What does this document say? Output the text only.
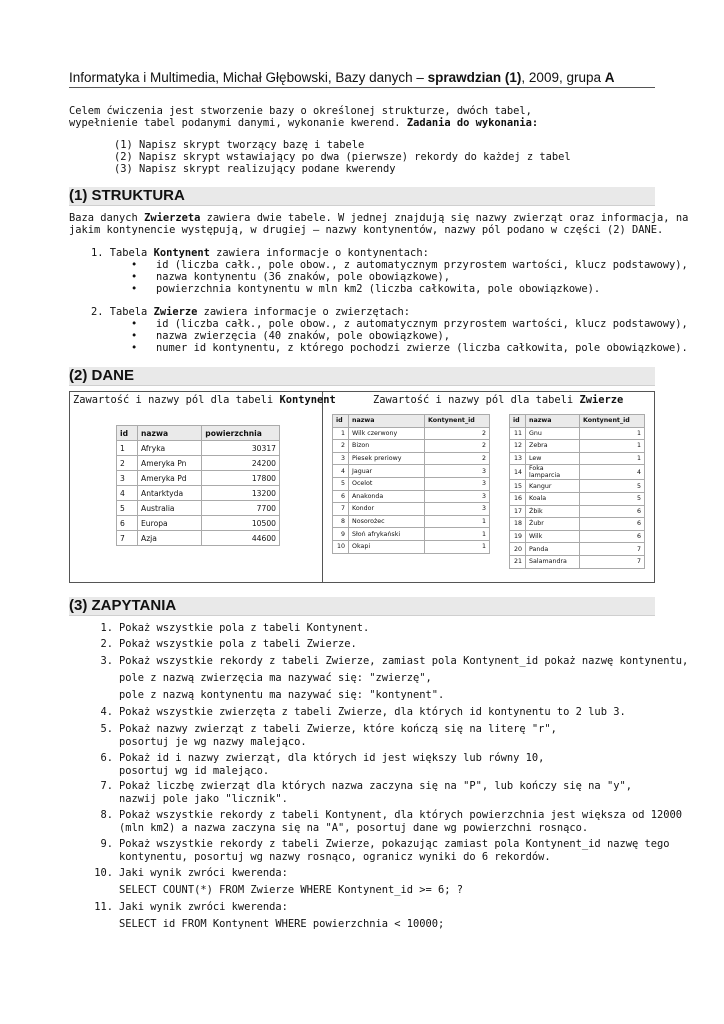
Informatyka i Multimedia, Michał Głębowski, Bazy danych – sprawdzian (1), 2009, grupa A
Celem ćwiczenia jest stworzenie bazy o określonej strukturze, dwóch tabel,
wypełnienie tabel podanymi danymi, wykonanie kwerend. Zadania do wykonania:
(1) Napisz skrypt tworzący bazę i tabele
(2) Napisz skrypt wstawiający po dwa (pierwsze) rekordy do każdej z tabel
(3) Napisz skrypt realizujący podane kwerendy
(1) STRUKTURA
Baza danych Zwierzeta zawiera dwie tabele. W jednej znajdują się nazwy zwierząt oraz informacja, na
jakim kontynencie występują, w drugiej – nazwy kontynentów, nazwy pól podano w części (2) DANE.
1. Tabela Kontynent zawiera informacje o kontynentach:
•   id (liczba całk., pole obow., z automatycznym przyrostem wartości, klucz podstawowy),
•   nazwa kontynentu (36 znaków, pole obowiązkowe),
•   powierzchnia kontynentu w mln km2 (liczba całkowita, pole obowiązkowe).
2. Tabela Zwierze zawiera informacje o zwierzętach:
•   id (liczba całk., pole obow., z automatycznym przyrostem wartości, klucz podstawowy),
•   nazwa zwierzęcia (40 znaków, pole obowiązkowe),
•   numer id kontynentu, z którego pochodzi zwierze (liczba całkowita, pole obowiązkowe).
(2) DANE
Zawartość i nazwy pól dla tabeli Kontynent	Zawartość i nazwy pól dla tabeli Zwierze
id	nazwa	powierzchnia
1	Afryka	30317
2	Ameryka Pn	24200
3	Ameryka Pd	17800
4	Antarktyda	13200
5	Australia	7700
6	Europa	10500
7	Azja	44600
id	nazwa	Kontynent_id
1	Wilk czerwony	2
2	Bizon	2
3	Piesek preriowy	2
4	Jaguar	3
5	Ocelot	3
6	Anakonda	3
7	Kondor	3
8	Nosorożec	1
9	Słoń afrykański	1
10	Okapi	1
id	nazwa	Kontynent_id
11	Gnu	1
12	Zebra	1
13	Lew	1
14	Foka lamparcia	4
15	Kangur	5
16	Koala	5
17	Żbik	6
18	Żubr	6
19	Wilk	6
20	Panda	7
21	Salamandra	7
(3) ZAPYTANIA
1. Pokaż wszystkie pola z tabeli Kontynent.
2. Pokaż wszystkie pola z tabeli Zwierze.
3. Pokaż wszystkie rekordy z tabeli Zwierze, zamiast pola Kontynent_id pokaż nazwę kontynentu,
pole z nazwą zwierzęcia ma nazywać się: "zwierzę",
pole z nazwą kontynentu ma nazywać się: "kontynent".
4. Pokaż wszystkie zwierzęta z tabeli Zwierze, dla których id kontynentu to 2 lub 3.
5. Pokaż nazwy zwierząt z tabeli Zwierze, które kończą się na literę "r",
posortuj je wg nazwy malejąco.
6. Pokaż id i nazwy zwierząt, dla których id jest większy lub równy 10,
posortuj wg id malejąco.
7. Pokaż liczbę zwierząt dla których nazwa zaczyna się na "P", lub kończy się na "y",
nazwij pole jako "licznik".
8. Pokaż wszystkie rekordy z tabeli Kontynent, dla których powierzchnia jest większa od 12000
(mln km2) a nazwa zaczyna się na "A", posortuj dane wg powierzchni rosnąco.
9. Pokaż wszystkie rekordy z tabeli Zwierze, pokazując zamiast pola Kontynent_id nazwę tego
kontynentu, posortuj wg nazwy rosnąco, ogranicz wyniki do 6 rekordów.
10. Jaki wynik zwróci kwerenda:
SELECT COUNT(*) FROM Zwierze WHERE Kontynent_id >= 6; ?
11. Jaki wynik zwróci kwerenda:
SELECT id FROM Kontynent WHERE powierzchnia < 10000;
